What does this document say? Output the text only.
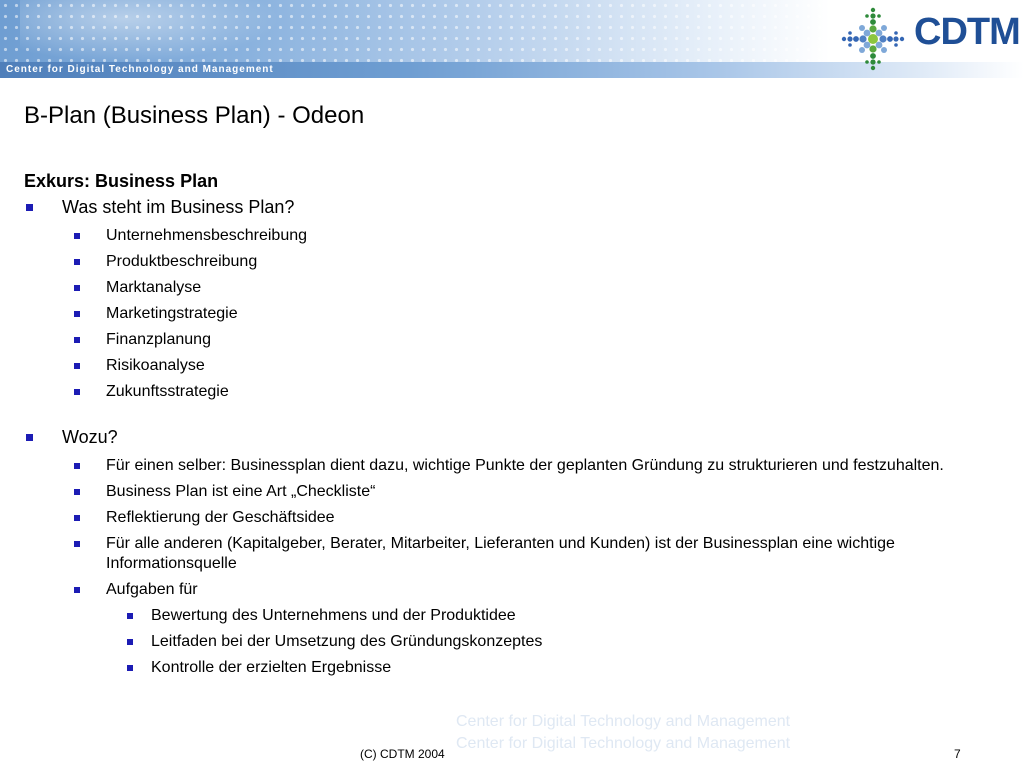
Center for Digital Technology and Management
CDTM
B-Plan (Business Plan) - Odeon
Exkurs: Business Plan
Was steht im Business Plan?
Unternehmensbeschreibung
Produktbeschreibung
Marktanalyse
Marketingstrategie
Finanzplanung
Risikoanalyse
Zukunftsstrategie
Wozu?
Für einen selber: Businessplan dient dazu, wichtige Punkte der geplanten Gründung zu strukturieren und festzuhalten.
Business Plan ist eine Art „Checkliste“
Reflektierung der Geschäftsidee
Für alle anderen (Kapitalgeber, Berater, Mitarbeiter, Lieferanten und Kunden) ist der Businessplan eine wichtige Informationsquelle
Aufgaben für
Bewertung des Unternehmens und der Produktidee
Leitfaden bei der Umsetzung des Gründungskonzeptes
Kontrolle der erzielten Ergebnisse
Center for Digital Technology and Management
Center for Digital Technology and Management
(C) CDTM 2004	7
